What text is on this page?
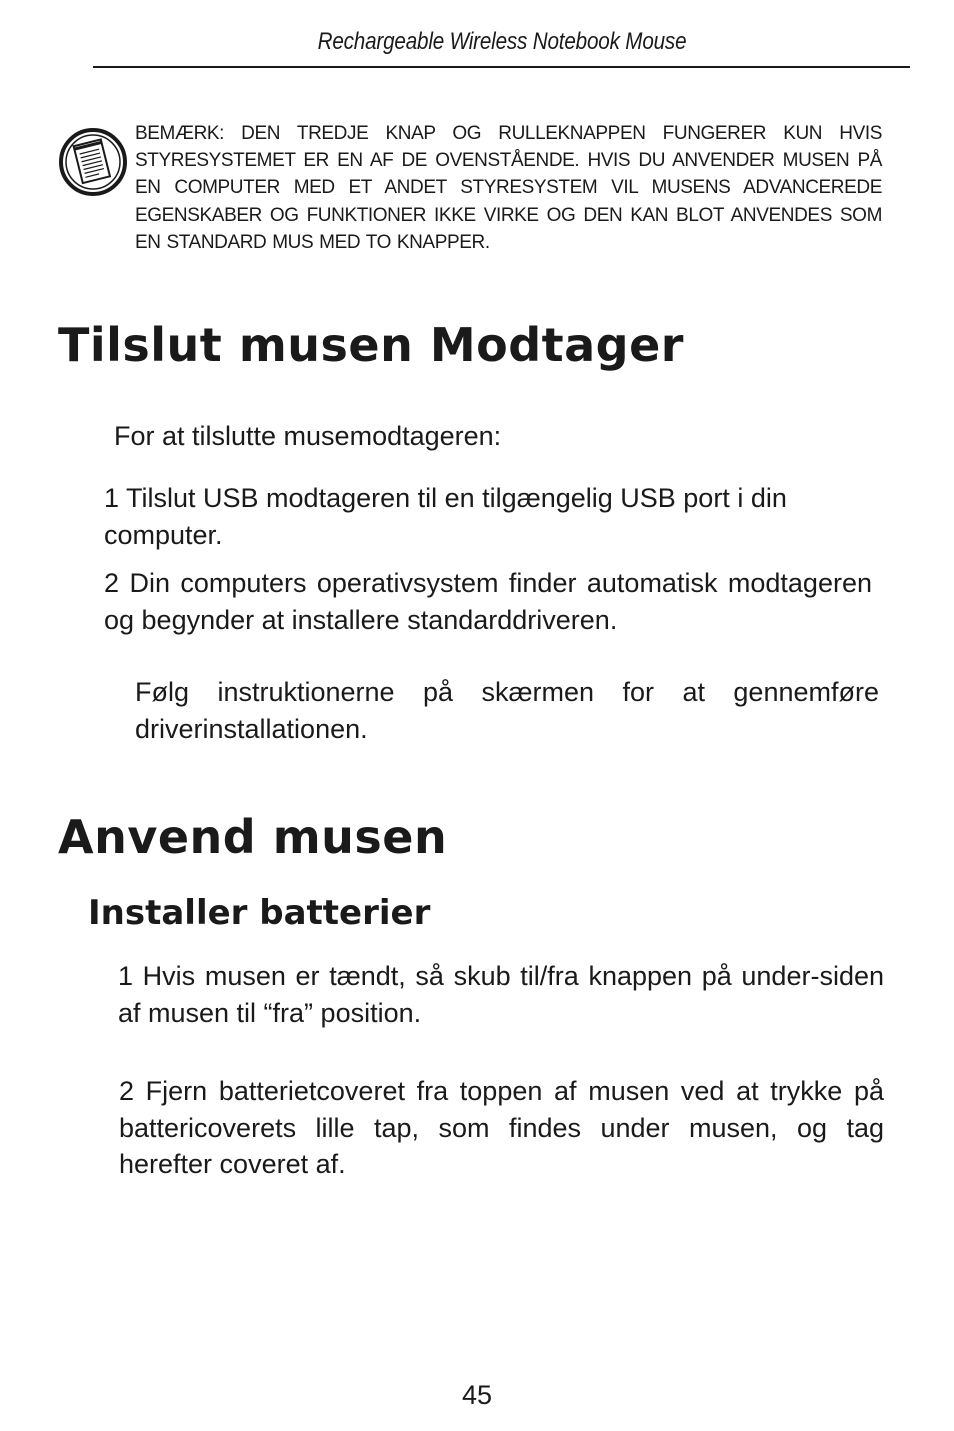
Rechargeable Wireless Notebook Mouse
BEMÆRK: DEN TREDJE KNAP OG RULLEKNAPPEN FUNGERER KUN HVIS STYRESYSTEMET ER EN AF DE OVENSTÅENDE. HVIS DU ANVENDER MUSEN PÅ EN COMPUTER MED ET ANDET STYRESYSTEM VIL MUSENS ADVANCEREDE EGENSKABER OG FUNKTIONER IKKE VIRKE OG DEN KAN BLOT ANVENDES SOM EN STANDARD MUS MED TO KNAPPER.
Tilslut musen Modtager

For at tilslutte musemodtageren:

1 Tilslut USB modtageren til en tilgængelig USB port i din computer.

2 Din computers operativsystem finder automatisk modtageren og begynder at installere standarddriveren.

Følg instruktionerne på skærmen for at gennemføre driverinstallationen.

Anvend musen
Installer batterier

1 Hvis musen er tændt, så skub til/fra knappen på under-siden af musen til “fra” position.

2 Fjern batterietcoveret fra toppen af musen ved at trykke på battericoverets lille tap, som findes under musen, og tag herefter coveret af.

45
